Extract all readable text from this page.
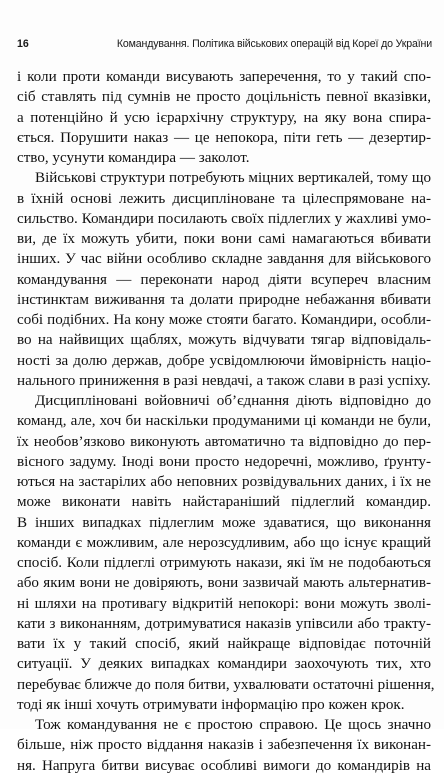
16	Командування. Політика військових операцій від Кореї до України
і коли проти команди висувають заперечення, то у такий спо-
сіб ставлять під сумнів не просто доцільність певної вказівки,
а потенційно й усю ієрархічну структуру, на яку вона спира-
ється. Порушити наказ — це непокора, піти геть — дезертир-
ство, усунути командира — заколот.
Військові структури потребують міцних вертикалей, тому що
в їхній основі лежить дисципліноване та цілеспрямоване на-
сильство. Командири посилають своїх підлеглих у жахливі умо-
ви, де їх можуть убити, поки вони самі намагаються вбивати
інших. У час війни особливо складне завдання для військового
командування — переконати народ діяти всупереч власним
інстинктам виживання та долати природне небажання вбивати
собі подібних. На кону може стояти багато. Командири, особли-
во на найвищих щаблях, можуть відчувати тягар відповідаль-
ності за долю держав, добре усвідомлюючи ймовірність націо-
нального приниження в разі невдачі, а також слави в разі успіху.
Дисципліновані войовничі об’єднання діють відповідно до
команд, але, хоч би наскільки продуманими ці команди не були,
їх необов’язково виконують автоматично та відповідно до пер-
вісного задуму. Іноді вони просто недоречні, можливо, ґрунту-
ються на застарілих або неповних розвідувальних даних, і їх не
може виконати навіть найстараніший підлеглий командир.
В інших випадках підлеглим може здаватися, що виконання
команди є можливим, але нерозсудливим, або що існує кращий
спосіб. Коли підлеглі отримують накази, які їм не подобаються
або яким вони не довіряють, вони зазвичай мають альтернатив-
ні шляхи на противагу відкритій непокорі: вони можуть зволі-
кати з виконанням, дотримуватися наказів упівсили або тракту-
вати їх у такий спосіб, який найкраще відповідає поточній
ситуації. У деяких випадках командири заохочують тих, хто
перебуває ближче до поля битви, ухвалювати остаточні рішення,
тоді як інші хочуть отримувати інформацію про кожен крок.
Тож командування не є простою справою. Це щось значно
більше, ніж просто віддання наказів і забезпечення їх виконан-
ня. Напруга битви висуває особливі вимоги до командирів на
